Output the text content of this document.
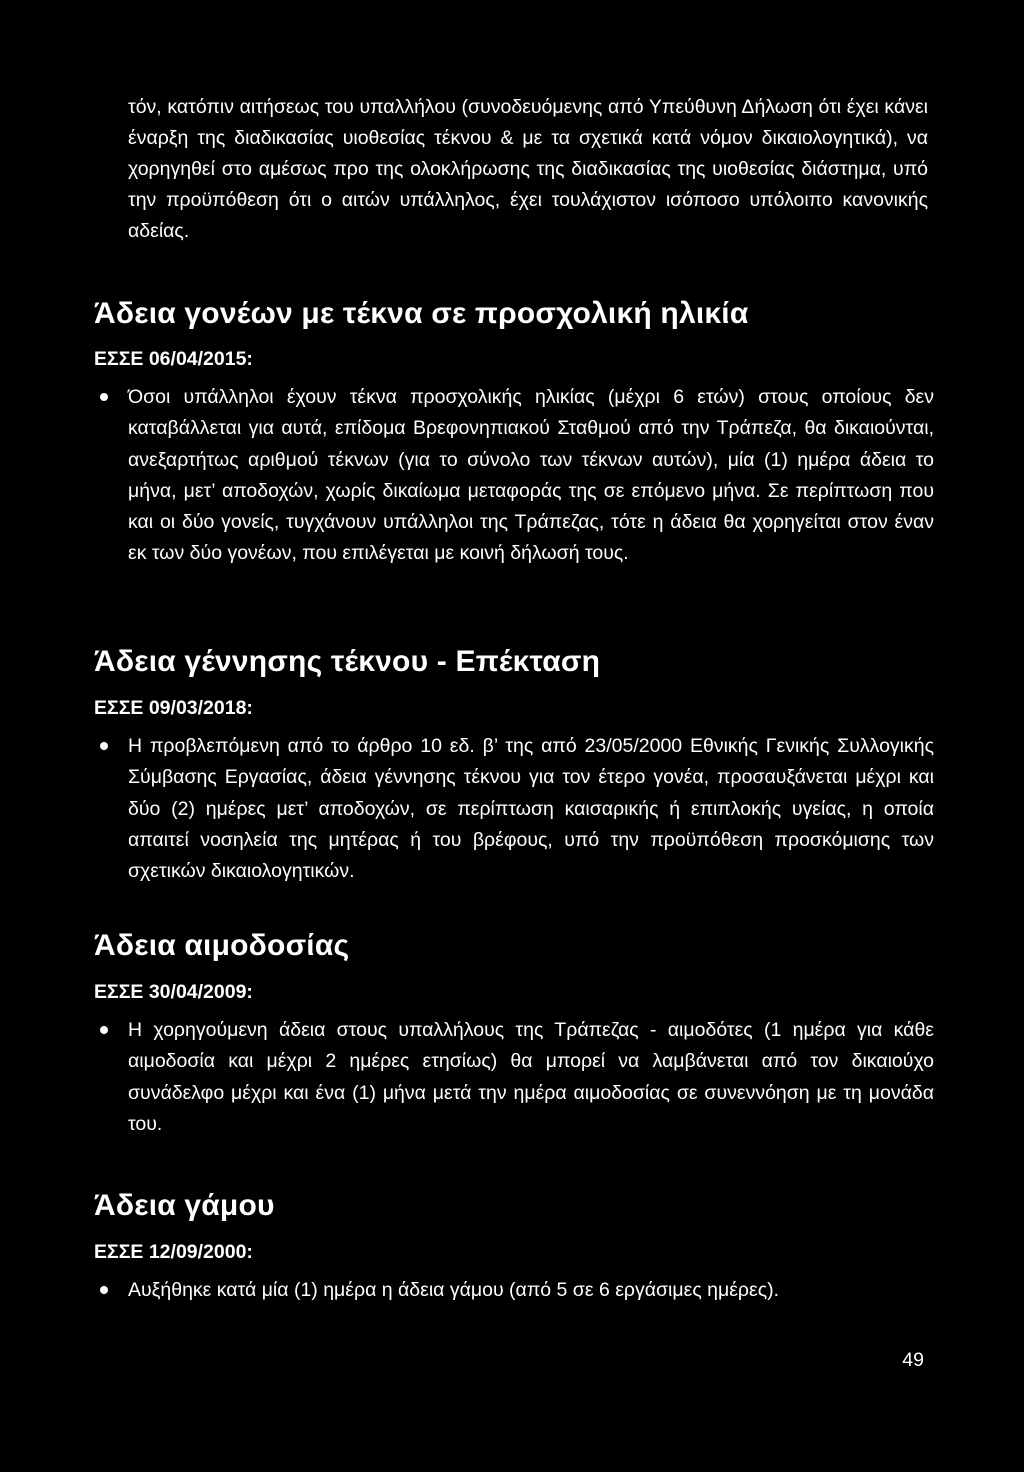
τόν, κατόπιν αιτήσεως του υπαλλήλου (συνοδευόμενης από Υπεύθυνη Δήλωση ότι έχει κάνει έναρξη της διαδικασίας υιοθεσίας τέκνου & με τα σχετικά κατά νόμον δικαιολογητικά), να χορηγηθεί στο αμέσως προ της ολοκλήρωσης της διαδικασίας της υιοθεσίας διάστημα, υπό την προϋπόθεση ότι ο αιτών υπάλληλος, έχει τουλάχιστον ισόποσο υπόλοιπο κανονικής αδείας.

Άδεια γονέων με τέκνα σε προσχολική ηλικία

ΕΣΣΕ 06/04/2015:

Όσοι υπάλληλοι έχουν τέκνα προσχολικής ηλικίας (μέχρι 6 ετών) στους οποίους δεν καταβάλλεται για αυτά, επίδομα Βρεφονηπιακού Σταθμού από την Τράπεζα, θα δικαιούνται, ανεξαρτήτως αριθμού τέκνων (για το σύνολο των τέκνων αυτών), μία (1) ημέρα άδεια το μήνα, μετ’ αποδοχών, χωρίς δικαίωμα μεταφοράς της σε επόμενο μήνα. Σε περίπτωση που και οι δύο γονείς, τυγχάνουν υπάλληλοι της Τράπεζας, τότε η άδεια θα χορηγείται στον έναν εκ των δύο γονέων, που επιλέγεται με κοινή δήλωσή τους.
Άδεια γέννησης τέκνου - Επέκταση

ΕΣΣΕ 09/03/2018:

Η προβλεπόμενη από το άρθρο 10 εδ. β’ της από 23/05/2000 Εθνικής Γενικής Συλλογικής Σύμβασης Εργασίας, άδεια γέννησης τέκνου για τον έτερο γονέα, προσαυξάνεται μέχρι και δύο (2) ημέρες μετ’ αποδοχών, σε περίπτωση καισαρικής ή επιπλοκής υγείας, η οποία απαιτεί νοσηλεία της μητέρας ή του βρέφους, υπό την προϋπόθεση προσκόμισης των σχετικών δικαιολογητικών.
Άδεια αιμοδοσίας

ΕΣΣΕ 30/04/2009:

Η χορηγούμενη άδεια στους υπαλλήλους της Τράπεζας - αιμοδότες (1 ημέρα για κάθε αιμοδοσία και μέχρι 2 ημέρες ετησίως) θα μπορεί να λαμβάνεται από τον δικαιούχο συνάδελφο μέχρι και ένα (1) μήνα μετά την ημέρα αιμοδοσίας σε συνεννόηση με τη μονάδα του.
Άδεια γάμου

ΕΣΣΕ 12/09/2000:

Αυξήθηκε κατά μία (1) ημέρα η άδεια γάμου (από 5 σε 6 εργάσιμες ημέρες).
49
